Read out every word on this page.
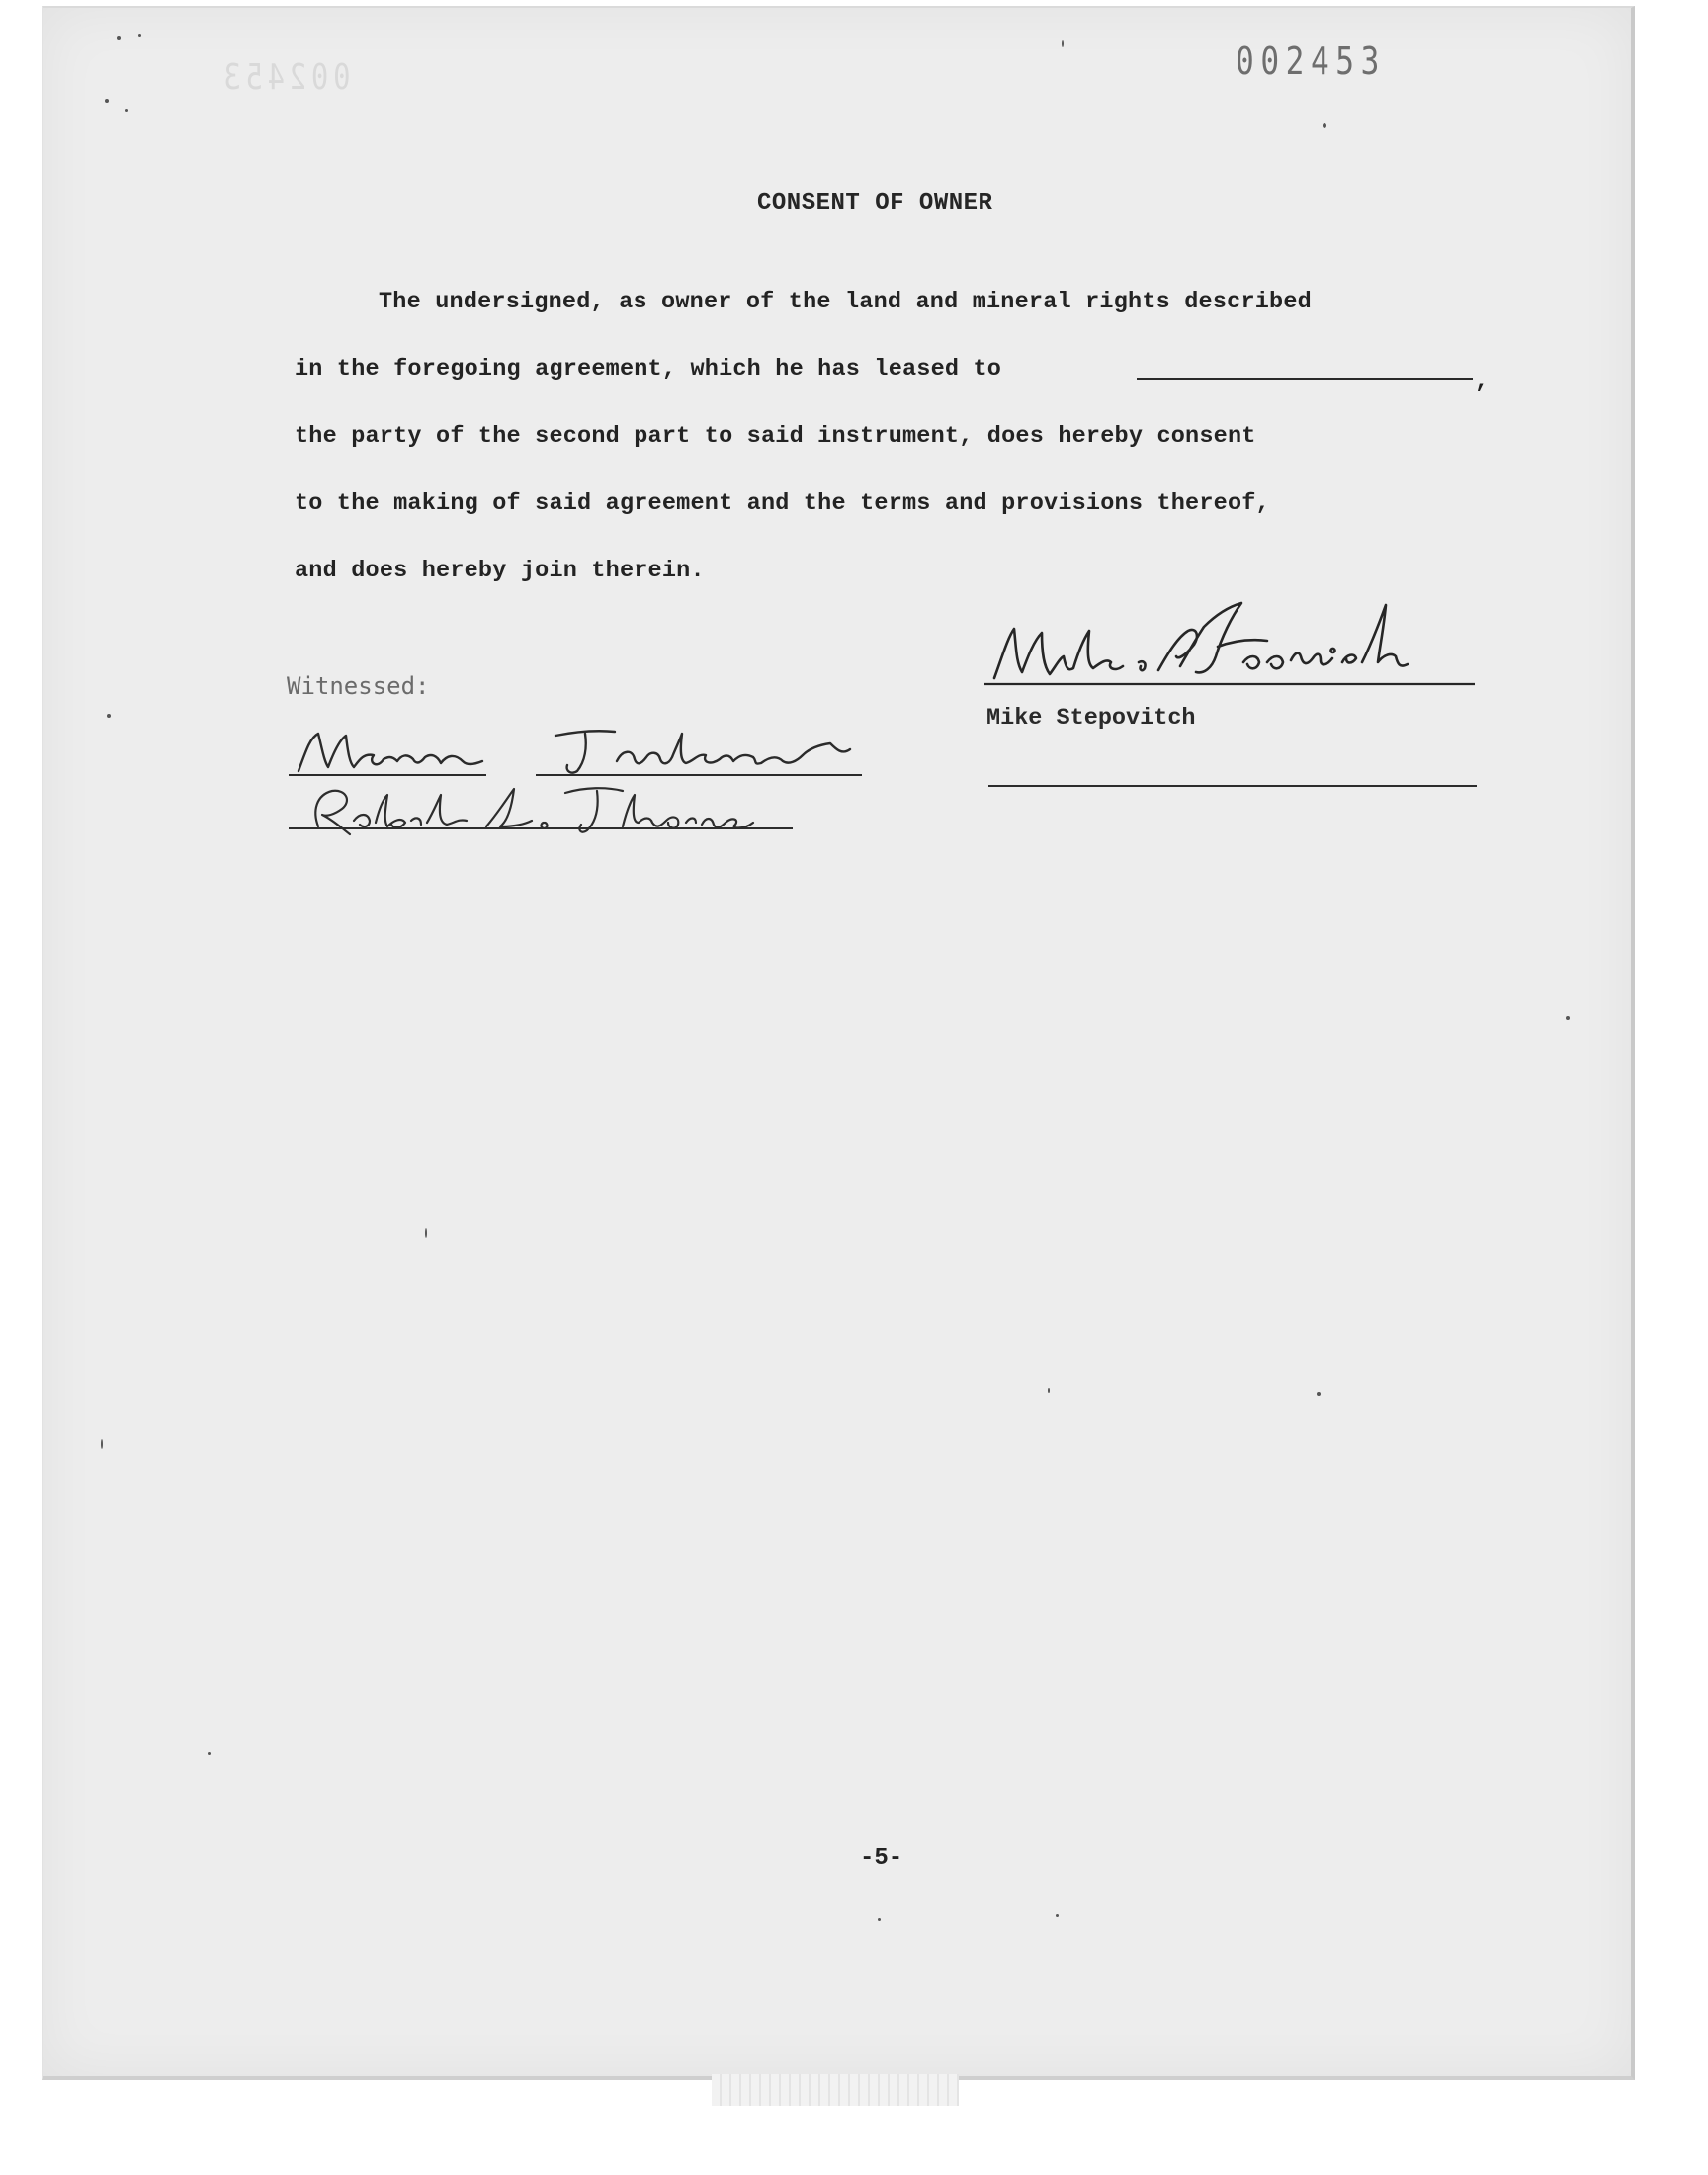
002453	002453
CONSENT OF OWNER
The undersigned, as owner of the land and mineral rights described
in the foregoing agreement, which he has leased to	,
the party of the second part to said instrument, does hereby consent
to the making of said agreement and the terms and provisions thereof,
and does hereby join therein.
Witnessed:
Mike Stepovitch
-5-
